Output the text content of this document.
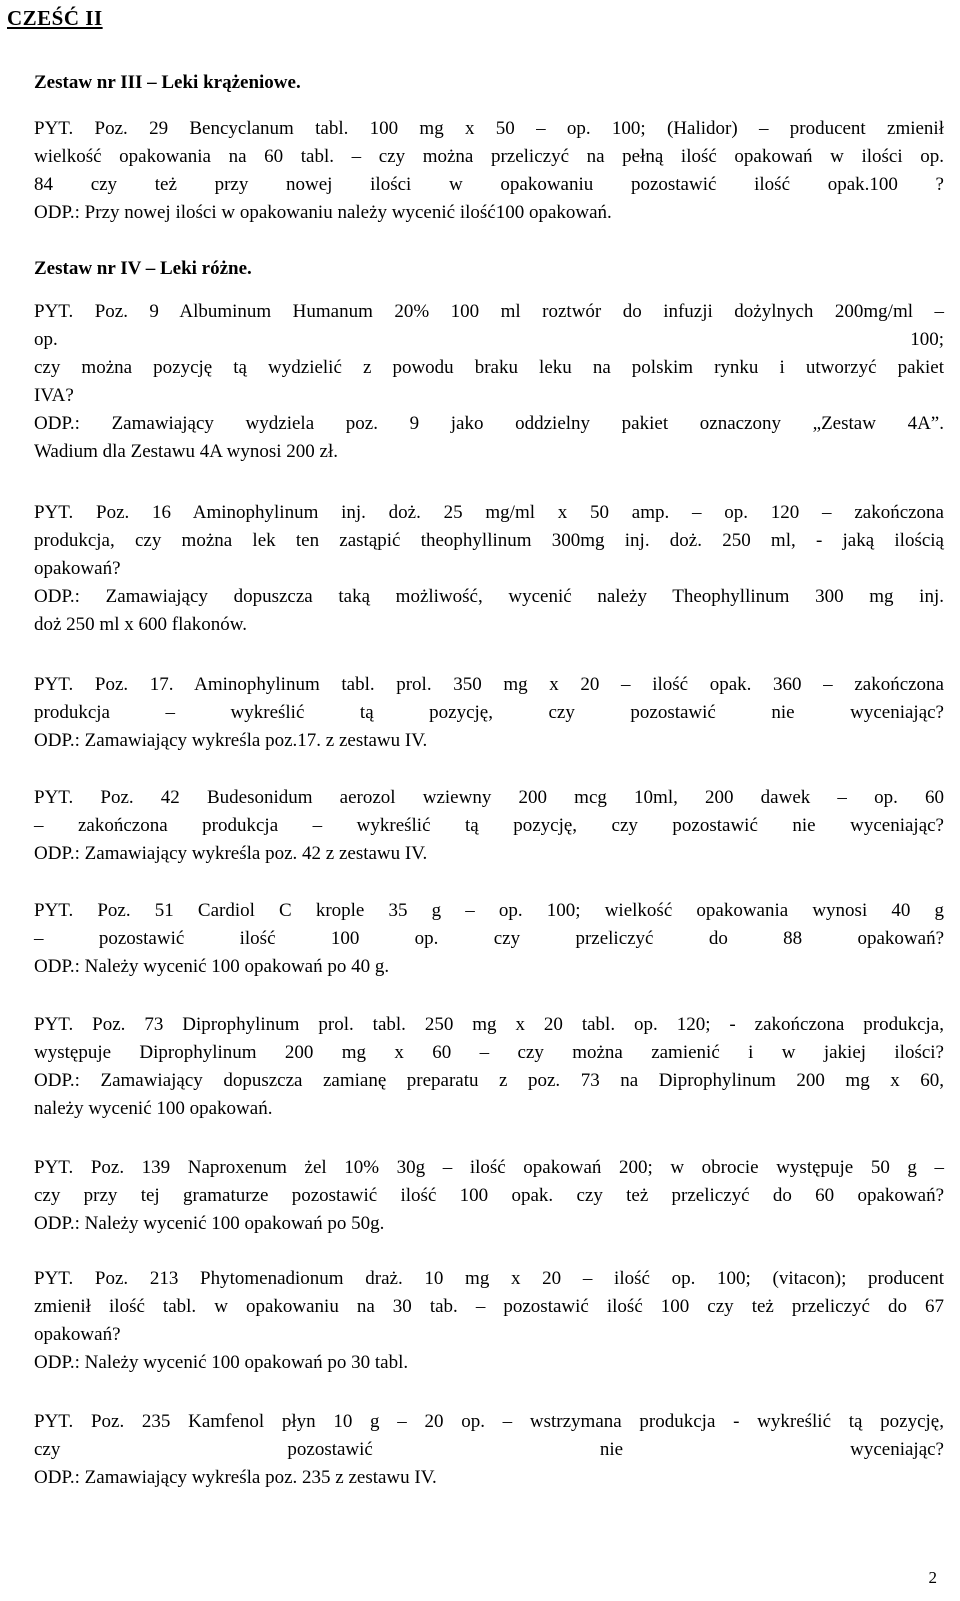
CZEŚĆ II
Zestaw nr III – Leki krążeniowe.
PYT. Poz. 29 Bencyclanum tabl. 100 mg x 50 – op. 100; (Halidor) – producent zmienił
wielkość opakowania na 60 tabl. – czy można przeliczyć na pełną ilość opakowań w ilości op.
84 czy też przy nowej ilości w opakowaniu pozostawić ilość opak.100 ?
ODP.: Przy nowej ilości w opakowaniu należy wycenić ilość100 opakowań.
Zestaw nr IV – Leki różne.
PYT. Poz. 9 Albuminum Humanum 20% 100 ml roztwór do infuzji dożylnych 200mg/ml –
op. 100;
czy można pozycję tą wydzielić z powodu braku leku na polskim rynku i utworzyć pakiet
IVA?
ODP.: Zamawiający wydziela poz. 9 jako oddzielny pakiet oznaczony „Zestaw 4A”.
Wadium dla Zestawu 4A wynosi 200 zł.
PYT. Poz. 16 Aminophylinum inj. doż. 25 mg/ml x 50 amp. – op. 120 – zakończona
produkcja, czy można lek ten zastąpić theophyllinum 300mg inj. doż. 250 ml, - jaką ilością
opakowań?
ODP.: Zamawiający dopuszcza taką możliwość, wycenić należy Theophyllinum 300 mg inj.
doż 250 ml x 600 flakonów.
PYT. Poz. 17. Aminophylinum tabl. prol. 350 mg x 20 – ilość opak. 360 – zakończona
produkcja – wykreślić tą pozycję, czy pozostawić nie wyceniając?
ODP.: Zamawiający wykreśla poz.17. z zestawu IV.
PYT. Poz. 42 Budesonidum aerozol wziewny 200 mcg 10ml, 200 dawek – op. 60
– zakończona produkcja – wykreślić tą pozycję, czy pozostawić nie wyceniając?
ODP.: Zamawiający wykreśla poz. 42 z zestawu IV.
PYT. Poz. 51 Cardiol C krople 35 g – op. 100; wielkość opakowania wynosi 40 g
– pozostawić ilość 100 op. czy przeliczyć do 88 opakowań?
ODP.: Należy wycenić 100 opakowań po 40 g.
PYT. Poz. 73 Diprophylinum prol. tabl. 250 mg x 20 tabl. op. 120; - zakończona produkcja,
występuje Diprophylinum 200 mg x 60 – czy można zamienić i w jakiej ilości?
ODP.: Zamawiający dopuszcza zamianę preparatu z poz. 73 na Diprophylinum 200 mg x 60,
należy wycenić 100 opakowań.
PYT. Poz. 139 Naproxenum żel 10% 30g – ilość opakowań 200; w obrocie występuje 50 g –
czy przy tej gramaturze pozostawić ilość 100 opak. czy też przeliczyć do 60 opakowań?
ODP.: Należy wycenić 100 opakowań po 50g.
PYT. Poz. 213 Phytomenadionum draż. 10 mg x 20 – ilość op. 100; (vitacon); producent
zmienił ilość tabl. w opakowaniu na 30 tab. – pozostawić ilość 100 czy też przeliczyć do 67
opakowań?
ODP.: Należy wycenić 100 opakowań po 30 tabl.
PYT. Poz. 235 Kamfenol płyn 10 g – 20 op. – wstrzymana produkcja - wykreślić tą pozycję,
czy pozostawić nie wyceniając?
ODP.: Zamawiający wykreśla poz. 235 z zestawu IV.
2
